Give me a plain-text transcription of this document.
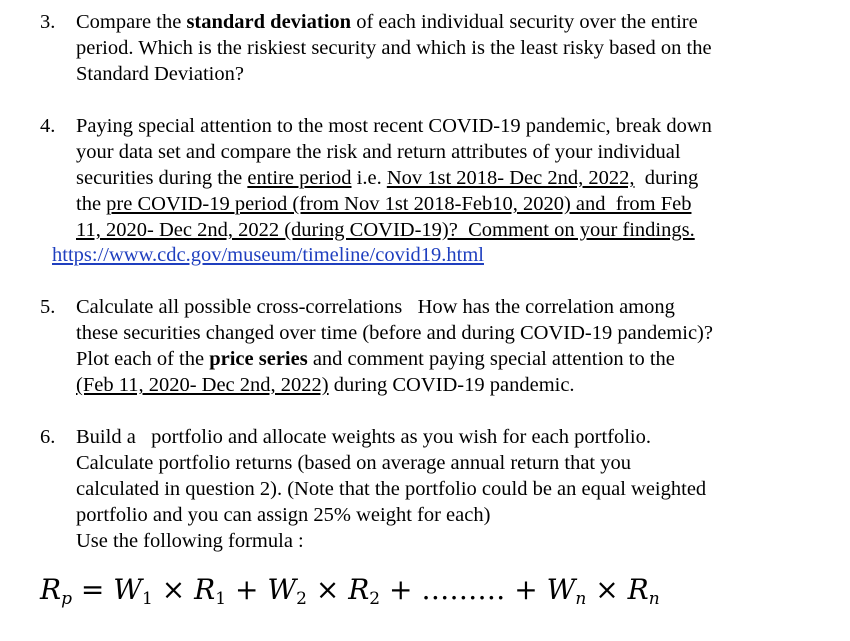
3.	Compare the standard deviation of each individual security over the entire
period. Which is the riskiest security and which is the least risky based on the
Standard Deviation?
4.	Paying special attention to the most recent COVID-19 pandemic, break down
your data set and compare the risk and return attributes of your individual
securities during the entire period i.e. Nov 1st 2018- Dec 2nd, 2022,  during
the pre COVID-19 period (from Nov 1st 2018-Feb10, 2020) and  from Feb
11, 2020- Dec 2nd, 2022 (during COVID-19)?  Comment on your findings.
https://www.cdc.gov/museum/timeline/covid19.html
5.	Calculate all possible cross-correlations   How has the correlation among
these securities changed over time (before and during COVID-19 pandemic)?
Plot each of the price series and comment paying special attention to the
(Feb 11, 2020- Dec 2nd, 2022) during COVID-19 pandemic.
6.	Build a   portfolio and allocate weights as you wish for each portfolio.
Calculate portfolio returns (based on average annual return that you
calculated in question 2). (Note that the portfolio could be an equal weighted
portfolio and you can assign 25% weight for each)
Use the following formula :
$R_p = W_1 \times R_1 + W_2 \times R_2$ + ……… + $W_n \times R_n$
